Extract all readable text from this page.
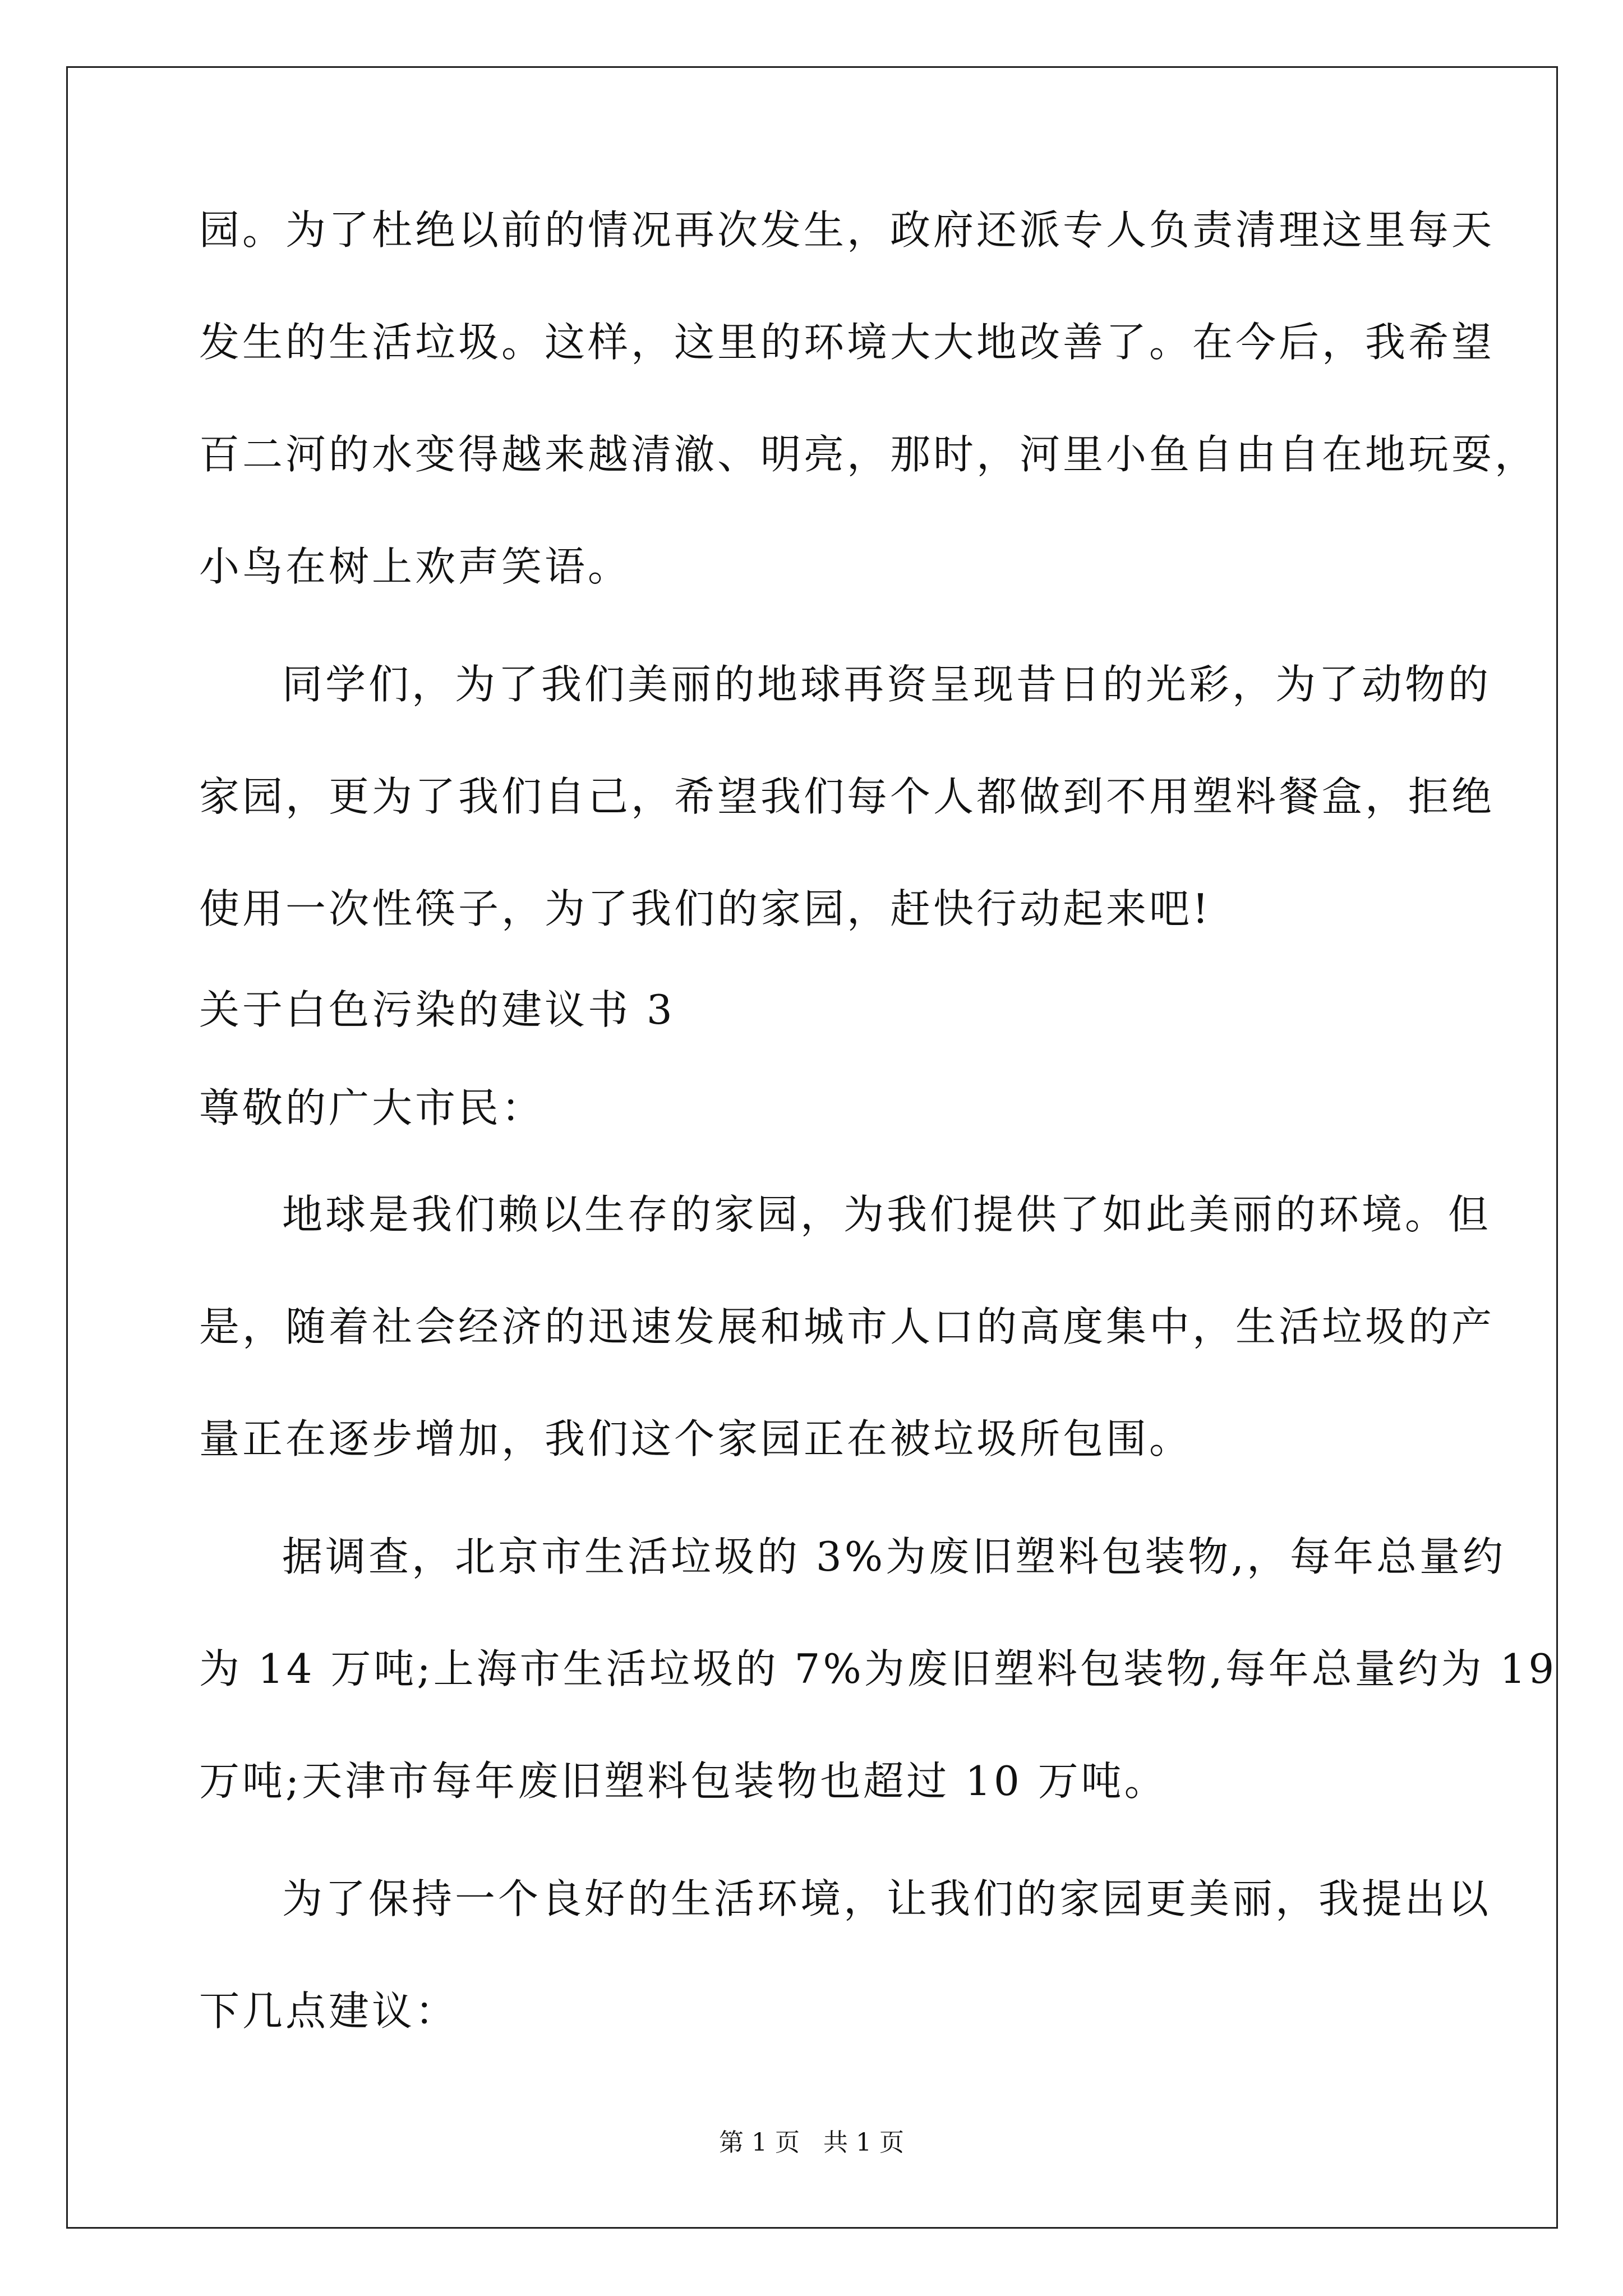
园。为了杜绝以前的情况再次发生，政府还派专人负责清理这里每天
发生的生活垃圾。这样，这里的环境大大地改善了。在今后，我希望
百二河的水变得越来越清澈、明亮，那时，河里小鱼自由自在地玩耍，
小鸟在树上欢声笑语。
同学们，为了我们美丽的地球再资呈现昔日的光彩，为了动物的
家园，更为了我们自己，希望我们每个人都做到不用塑料餐盒，拒绝
使用一次性筷子，为了我们的家园，赶快行动起来吧!
关于白色污染的建议书 3
尊敬的广大市民：
地球是我们赖以生存的家园，为我们提供了如此美丽的环境。但
是，随着社会经济的迅速发展和城市人口的高度集中，生活垃圾的产
量正在逐步增加，我们这个家园正在被垃圾所包围。
据调查，北京市生活垃圾的 3%为废旧塑料包装物,，每年总量约
为 14 万吨;上海市生活垃圾的 7%为废旧塑料包装物,每年总量约为 19
万吨;天津市每年废旧塑料包装物也超过 10 万吨。
为了保持一个良好的生活环境，让我们的家园更美丽，我提出以
下几点建议：
第 1 页   共 1 页
